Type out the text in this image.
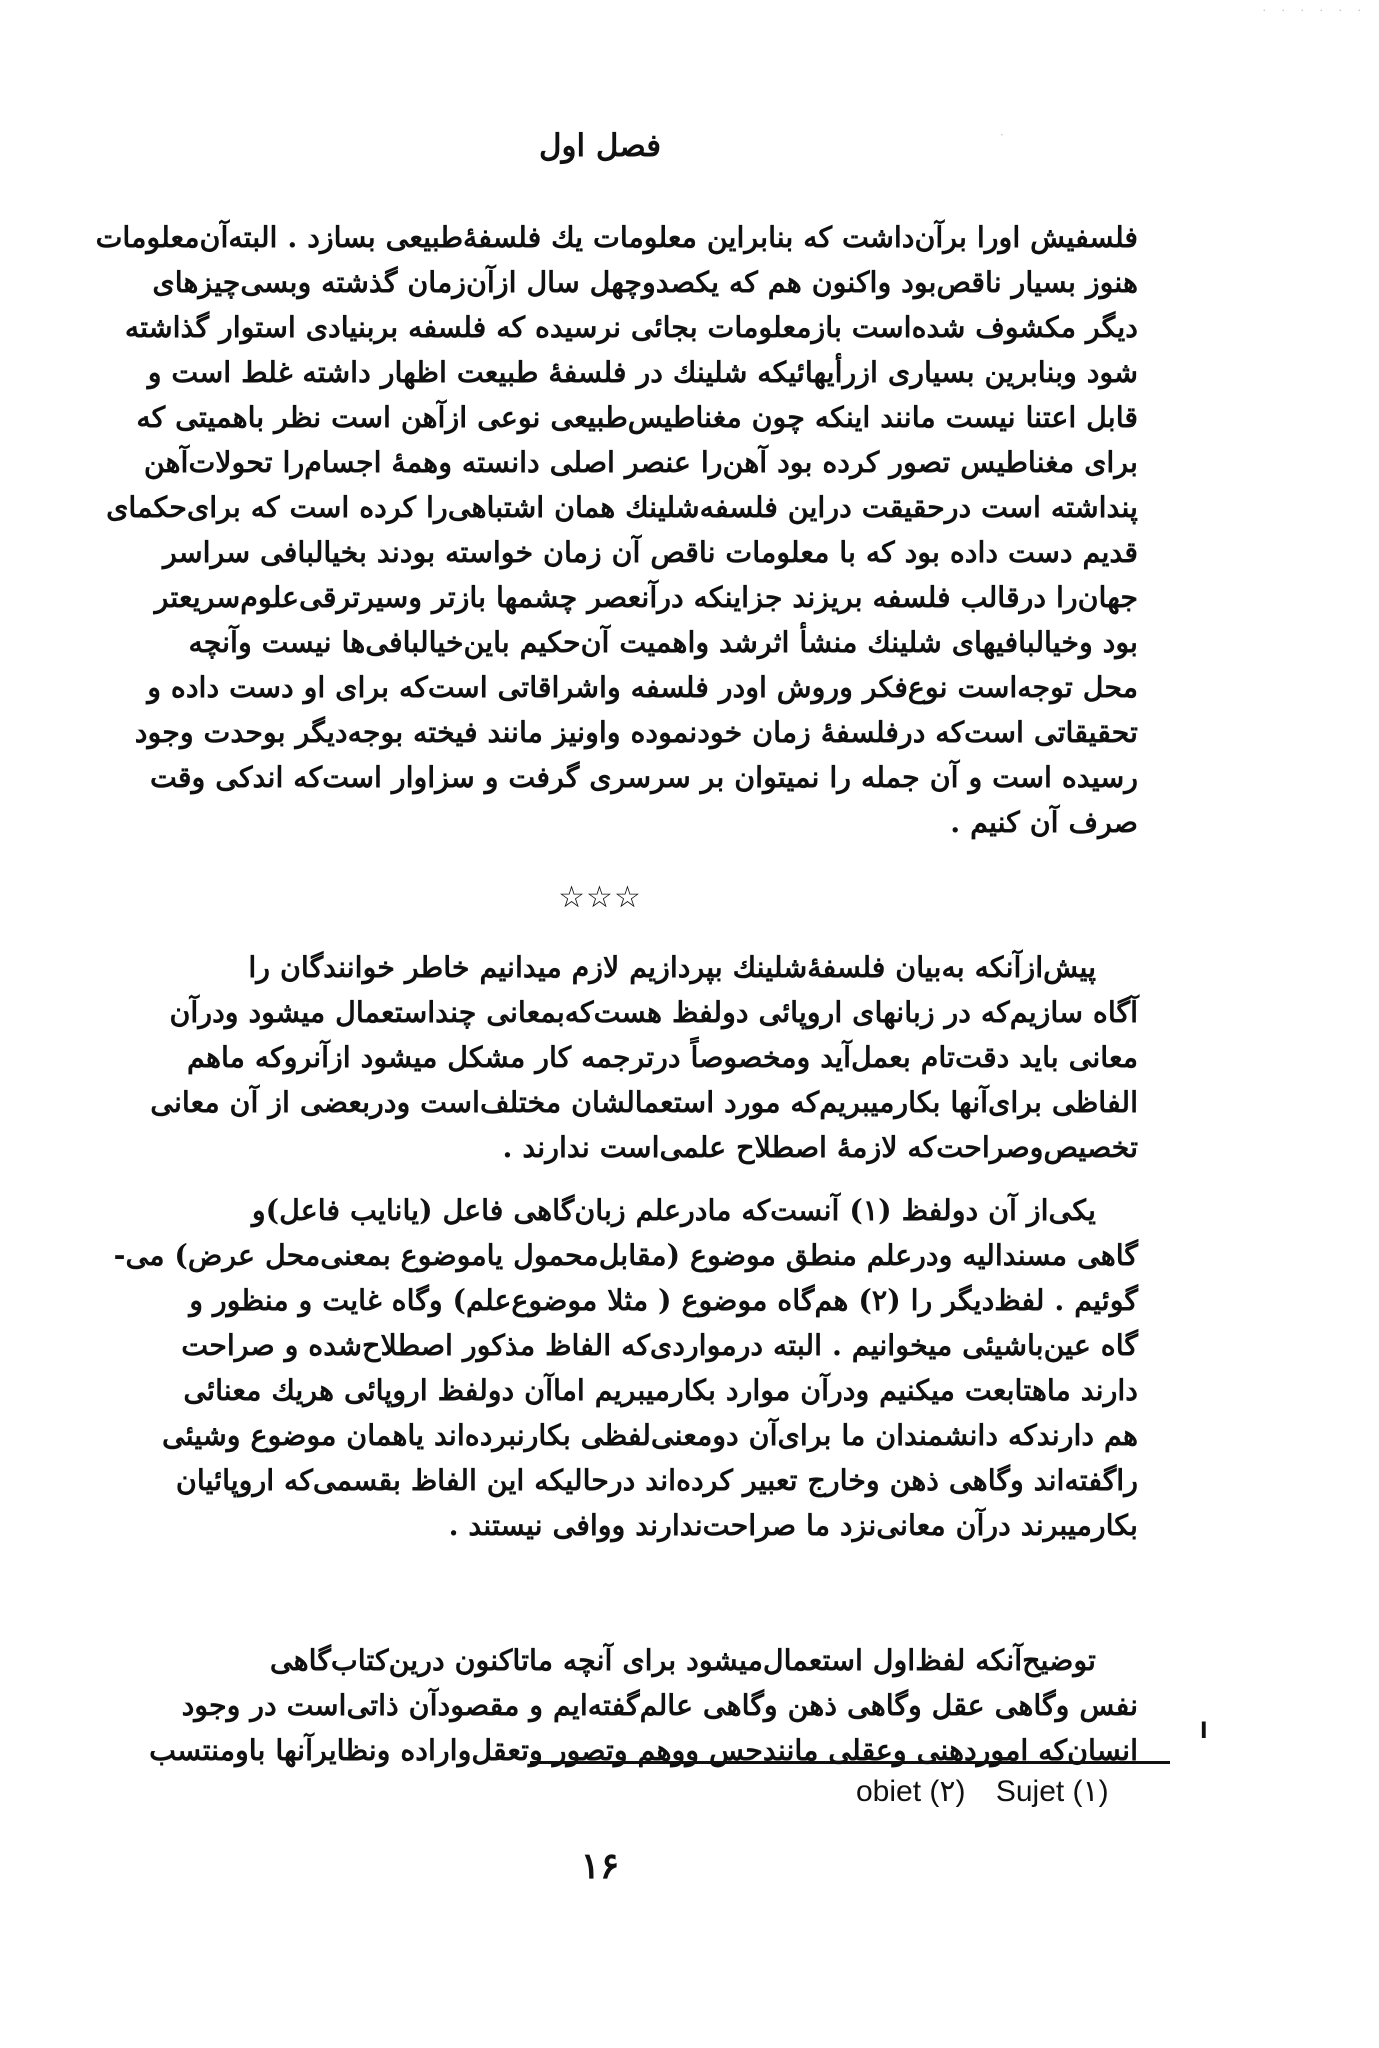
· · · · · ·
·
فصل اول

فلسفیش اورا برآن‌داشت که بنابراین معلومات یك فلسفهٔ‌طبیعی بسازد . البته‌آن‌معلومات
هنوز بسیار ناقص‌بود واکنون هم که یکصدوچهل سال ازآن‌زمان گذشته وبسی‌چیزهای
دیگر مکشوف شده‌است بازمعلومات بجائی نرسیده که فلسفه بربنیادی استوار گذاشته
شود وبنابرین بسیاری ازرأیهائیکه شلینك در فلسفهٔ طبیعت اظهار داشته غلط است و
قابل اعتنا نیست مانند اینکه چون مغناطیس‌طبیعی نوعی ازآهن است نظر باهمیتی که
برای مغناطیس تصور کرده بود آهن‌را عنصر اصلی دانسته وهمهٔ اجسام‌را تحولات‌آهن
پنداشته است درحقیقت دراین فلسفه‌شلینك همان اشتباهی‌را کرده است که برای‌حکمای
قدیم دست داده بود که با معلومات ناقص آن زمان خواسته بودند بخیالبافی سراسر
جهان‌را درقالب فلسفه بریزند جزاینکه درآنعصر چشمها بازتر وسیرترقی‌علوم‌سریعتر
بود وخیالبافیهای شلینك منشأ اثرشد واهمیت آن‌حکیم باین‌خیالبافی‌ها نیست وآنچه
محل توجه‌است نوع‌فکر وروش اودر فلسفه واشراقاتی است‌که برای او دست داده و
تحقیقاتی است‌که درفلسفهٔ زمان خودنموده واونیز مانند فیخته بوجه‌دیگر بوحدت وجود
رسیده است و آن جمله را نمیتوان بر سرسری گرفت و سزاوار است‌که اندکی وقت
صرف آن کنیم .

☆☆☆

پیش‌ازآنکه به‌بیان فلسفهٔ‌شلینك بپردازیم لازم میدانیم خاطر خوانندگان را
آگاه سازیم‌که در زبانهای اروپائی دولفظ هست‌که‌بمعانی چنداستعمال میشود ودرآن
معانی باید دقت‌تام بعمل‌آید ومخصوصاً درترجمه کار مشکل میشود ازآنروکه ماهم
الفاظی برای‌آنها بکارمیبریم‌که مورد استعمالشان مختلف‌است ودربعضی از آن معانی
تخصیص‌وصراحت‌که لازمهٔ اصطلاح علمی‌است ندارند .

یکی‌از آن دولفظ (۱) آنست‌که مادرعلم زبان‌گاهی فاعل (یانایب فاعل)و
گاهی مسندالیه ودرعلم منطق موضوع (مقابل‌محمول یاموضوع بمعنی‌محل عرض) می-
گوئیم . لفظ‌دیگر را (۲) هم‌گاه موضوع ( مثلا موضوع‌علم) وگاه غایت و منظور و
گاه عین‌باشیئی میخوانیم . البته درمواردی‌که الفاظ مذکور اصطلاح‌شده و صراحت
دارند ماهتابعت میکنیم ودرآن موارد بکارمیبریم اماآن دولفظ اروپائی هریك معنائی
هم دارندکه دانشمندان ما برای‌آن دومعنی‌لفظی بکارنبرده‌اند یاهمان موضوع وشیئی
راگفته‌اند وگاهی ذهن وخارج تعبیر کرده‌اند درحالیکه این الفاظ بقسمی‌که اروپائیان
بکارمیبرند درآن معانی‌نزد ما صراحت‌ندارند ووافی نیستند .

توضیح‌آنکه لفظ‌اول استعمال‌میشود برای آنچه ماتاکنون درین‌کتاب‌گاهی
نفس وگاهی عقل وگاهی ذهن وگاهی عالم‌گفته‌ایم و مقصودآن ذاتی‌است در وجود
انسان‌که اموردهنی وعقلی مانندحس ووهم وتصور وتعقل‌واراده ونظایرآنها باومنتسب

ا
obiet (۲) Sujet (۱)
۱۶
